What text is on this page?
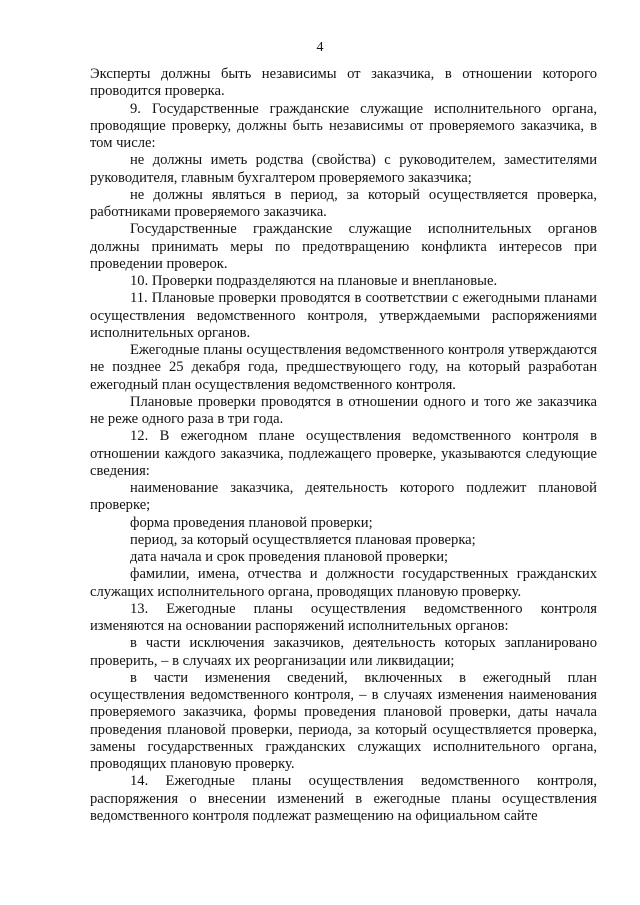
4

Эксперты должны быть независимы от заказчика, в отношении которого проводится проверка.

9. Государственные гражданские служащие исполнительного органа, проводящие проверку, должны быть независимы от проверяемого заказчика, в том числе:

не должны иметь родства (свойства) с руководителем, заместителями руководителя, главным бухгалтером проверяемого заказчика;

не должны являться в период, за который осуществляется проверка, работниками проверяемого заказчика.

Государственные гражданские служащие исполнительных органов должны принимать меры по предотвращению конфликта интересов при проведении проверок.

10. Проверки подразделяются на плановые и внеплановые.

11. Плановые проверки проводятся в соответствии с ежегодными планами осуществления ведомственного контроля, утверждаемыми распоряжениями исполнительных органов.

Ежегодные планы осуществления ведомственного контроля утверждаются не позднее 25 декабря года, предшествующего году, на который разработан ежегодный план осуществления ведомственного контроля.

Плановые проверки проводятся в отношении одного и того же заказчика не реже одного раза в три года.

12. В ежегодном плане осуществления ведомственного контроля в отношении каждого заказчика, подлежащего проверке, указываются следующие сведения:

наименование заказчика, деятельность которого подлежит плановой проверке;

форма проведения плановой проверки;

период, за который осуществляется плановая проверка;

дата начала и срок проведения плановой проверки;

фамилии, имена, отчества и должности государственных гражданских служащих исполнительного органа, проводящих плановую проверку.

13. Ежегодные планы осуществления ведомственного контроля изменяются на основании распоряжений исполнительных органов:

в части исключения заказчиков, деятельность которых запланировано проверить, – в случаях их реорганизации или ликвидации;

в части изменения сведений, включенных в ежегодный план осуществления ведомственного контроля, – в случаях изменения наименования проверяемого заказчика, формы проведения плановой проверки, даты начала проведения плановой проверки, периода, за который осуществляется проверка, замены государственных гражданских служащих исполнительного органа, проводящих плановую проверку.

14. Ежегодные планы осуществления ведомственного контроля, распоряжения о внесении изменений в ежегодные планы осуществления ведомственного контроля подлежат размещению на официальном сайте
